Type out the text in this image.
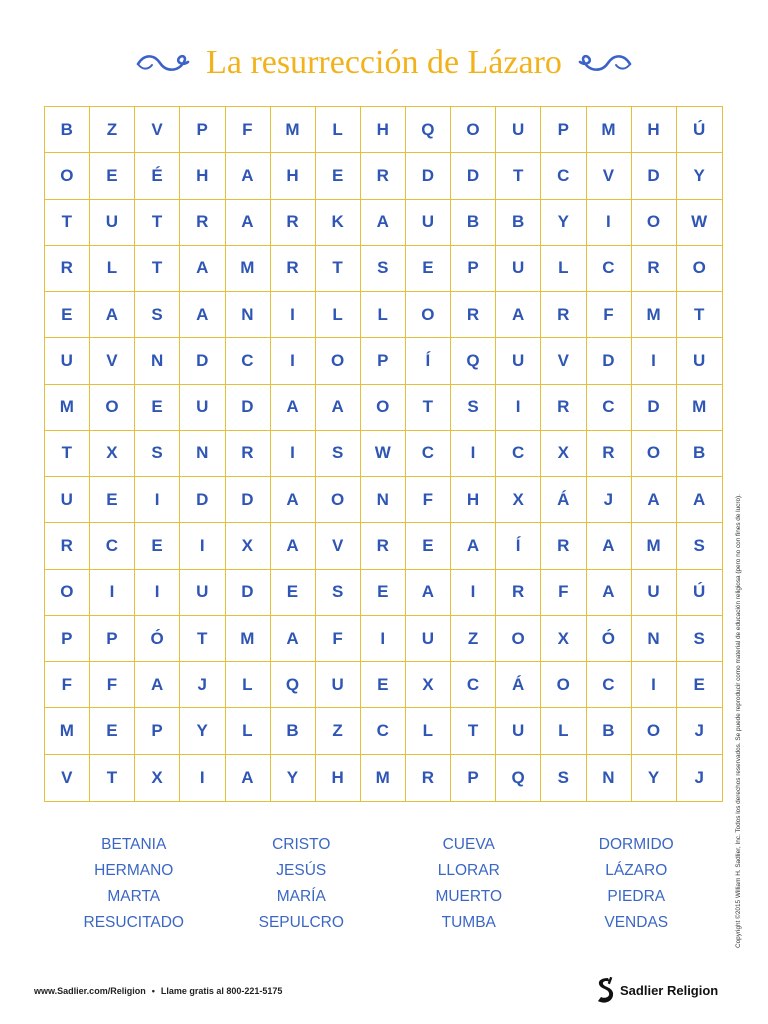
La resurrección de Lázaro
B	Z	V	P	F	M	L	H	Q	O	U	P	M	H	Ú
O	E	É	H	A	H	E	R	D	D	T	C	V	D	Y
T	U	T	R	A	R	K	A	U	B	B	Y	I	O	W
R	L	T	A	M	R	T	S	E	P	U	L	C	R	O
E	A	S	A	N	I	L	L	O	R	A	R	F	M	T
U	V	N	D	C	I	O	P	Í	Q	U	V	D	I	U
M	O	E	U	D	A	A	O	T	S	I	R	C	D	M
T	X	S	N	R	I	S	W	C	I	C	X	R	O	B
U	E	I	D	D	A	O	N	F	H	X	Á	J	A	A
R	C	E	I	X	A	V	R	E	A	Í	R	A	M	S
O	I	I	U	D	E	S	E	A	I	R	F	A	U	Ú
P	P	Ó	T	M	A	F	I	U	Z	O	X	Ó	N	S
F	F	A	J	L	Q	U	E	X	C	Á	O	C	I	E
M	E	P	Y	L	B	Z	C	L	T	U	L	B	O	J
V	T	X	I	A	Y	H	M	R	P	Q	S	N	Y	J
BETANIA	CRISTO	CUEVA	DORMIDO
HERMANO	JESÚS	LLORAR	LÁZARO
MARTA	MARÍA	MUERTO	PIEDRA
RESUCITADO	SEPULCRO	TUMBA	VENDAS	Copyright ©2015 William H. Sadlier, Inc. Todos los derechos reservados. Se puede reproducir como material de educación religiosa (pero no con fines de lucro).
www.Sadlier.com/Religion • Llame gratis al 800-221-5175	Sadlier Religion
